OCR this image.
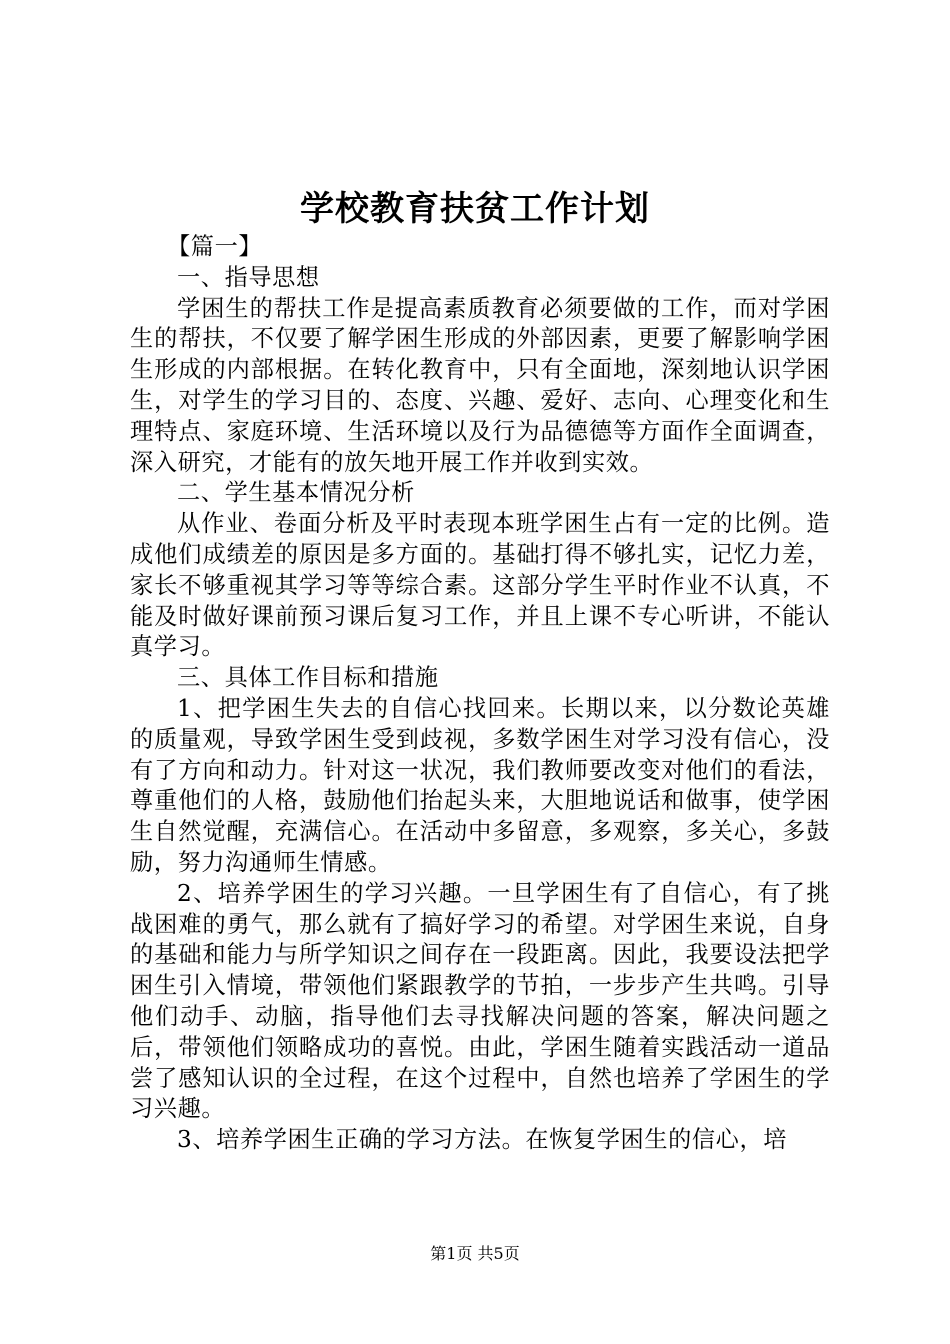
学校教育扶贫工作计划

【篇一】

一、指导思想

学困生的帮扶工作是提高素质教育必须要做的工作，而对学困生的帮扶，不仅要了解学困生形成的外部因素，更要了解影响学困生形成的内部根据。在转化教育中，只有全面地，深刻地认识学困生，对学生的学习目的、态度、兴趣、爱好、志向、心理变化和生理特点、家庭环境、生活环境以及行为品德德等方面作全面调查，深入研究，才能有的放矢地开展工作并收到实效。

二、学生基本情况分析

从作业、卷面分析及平时表现本班学困生占有一定的比例。造成他们成绩差的原因是多方面的。基础打得不够扎实，记忆力差，家长不够重视其学习等等综合素。这部分学生平时作业不认真，不能及时做好课前预习课后复习工作，并且上课不专心听讲，不能认真学习。

三、具体工作目标和措施

1、把学困生失去的自信心找回来。长期以来，以分数论英雄的质量观，导致学困生受到歧视，多数学困生对学习没有信心，没有了方向和动力。针对这一状况，我们教师要改变对他们的看法，尊重他们的人格，鼓励他们抬起头来，大胆地说话和做事，使学困生自然觉醒，充满信心。在活动中多留意，多观察，多关心，多鼓励，努力沟通师生情感。

2、培养学困生的学习兴趣。一旦学困生有了自信心，有了挑战困难的勇气，那么就有了搞好学习的希望。对学困生来说，自身的基础和能力与所学知识之间存在一段距离。因此，我要设法把学困生引入情境，带领他们紧跟教学的节拍，一步步产生共鸣。引导他们动手、动脑，指导他们去寻找解决问题的答案，解决问题之后，带领他们领略成功的喜悦。由此，学困生随着实践活动一道品尝了感知认识的全过程，在这个过程中，自然也培养了学困生的学习兴趣。

3、培养学困生正确的学习方法。在恢复学困生的信心，培

第1页 共5页
